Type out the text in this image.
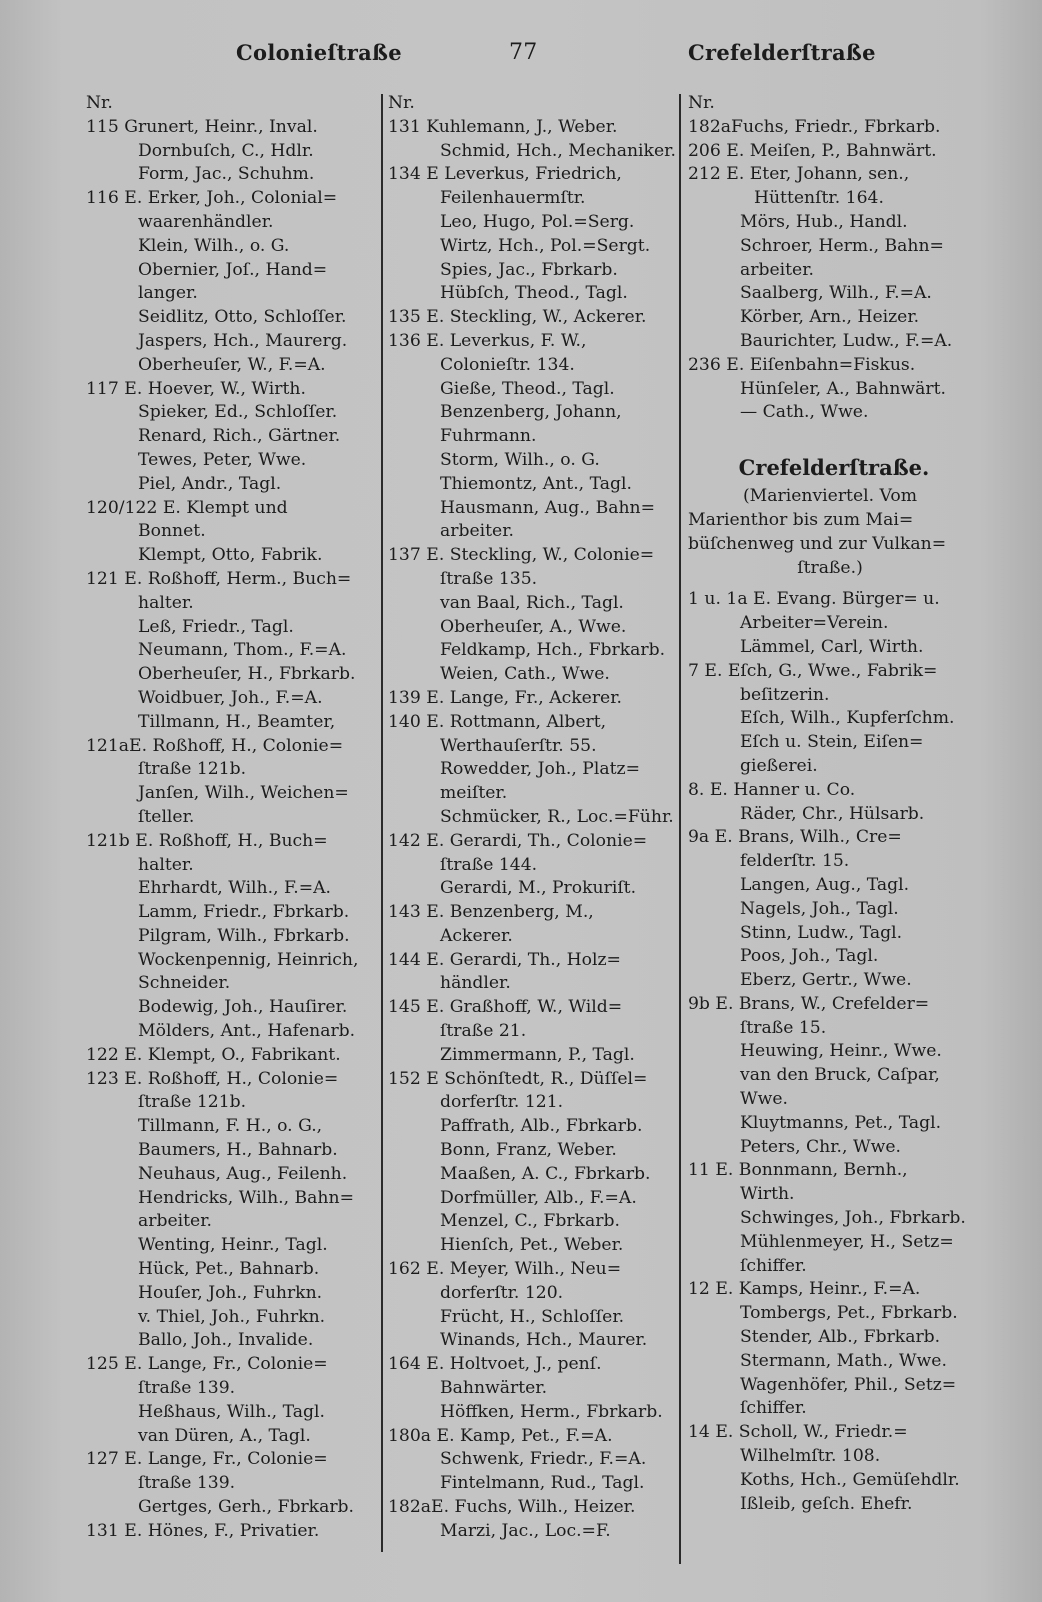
Colonieſtraße	77	Crefelderſtraße
Nr.
115 Grunert, Heinr., Inval.
Dornbuſch, C., Hdlr.
Form, Jac., Schuhm.
116 E. Erker, Joh., Colonial=
waarenhändler.
Klein, Wilh., o. G.
Obernier, Joſ., Hand=
langer.
Seidlitz, Otto, Schloſſer.
Jaspers, Hch., Maurerg.
Oberheuſer, W., F.=A.
117 E. Hoever, W., Wirth.
Spieker, Ed., Schloſſer.
Renard, Rich., Gärtner.
Tewes, Peter, Wwe.
Piel, Andr., Tagl.
120/122 E. Klempt und
Bonnet.
Klempt, Otto, Fabrik.
121 E. Roßhoff, Herm., Buch=
halter.
Leß, Friedr., Tagl.
Neumann, Thom., F.=A.
Oberheuſer, H., Fbrkarb.
Woidbuer, Joh., F.=A.
Tillmann, H., Beamter,
121aE. Roßhoff, H., Colonie=
ſtraße 121b.
Janſen, Wilh., Weichen=
ſteller.
121b E. Roßhoff, H., Buch=
halter.
Ehrhardt, Wilh., F.=A.
Lamm, Friedr., Fbrkarb.
Pilgram, Wilh., Fbrkarb.
Wockenpennig, Heinrich,
Schneider.
Bodewig, Joh., Hauſirer.
Mölders, Ant., Hafenarb.
122 E. Klempt, O., Fabrikant.
123 E. Roßhoff, H., Colonie=
ſtraße 121b.
Tillmann, F. H., o. G.,
Baumers, H., Bahnarb.
Neuhaus, Aug., Feilenh.
Hendricks, Wilh., Bahn=
arbeiter.
Wenting, Heinr., Tagl.
Hück, Pet., Bahnarb.
Houſer, Joh., Fuhrkn.
v. Thiel, Joh., Fuhrkn.
Ballo, Joh., Invalide.
125 E. Lange, Fr., Colonie=
ſtraße 139.
Heßhaus, Wilh., Tagl.
van Düren, A., Tagl.
127 E. Lange, Fr., Colonie=
ſtraße 139.
Gertges, Gerh., Fbrkarb.
131 E. Hönes, F., Privatier.
Nr.
131 Kuhlemann, J., Weber.
Schmid, Hch., Mechaniker.
134 E Leverkus, Friedrich,
Feilenhauermſtr.
Leo, Hugo, Pol.=Serg.
Wirtz, Hch., Pol.=Sergt.
Spies, Jac., Fbrkarb.
Hübſch, Theod., Tagl.
135 E. Steckling, W., Ackerer.
136 E. Leverkus, F. W.,
Colonieſtr. 134.
Gieße, Theod., Tagl.
Benzenberg, Johann,
Fuhrmann.
Storm, Wilh., o. G.
Thiemontz, Ant., Tagl.
Hausmann, Aug., Bahn=
arbeiter.
137 E. Steckling, W., Colonie=
ſtraße 135.
van Baal, Rich., Tagl.
Oberheuſer, A., Wwe.
Feldkamp, Hch., Fbrkarb.
Weien, Cath., Wwe.
139 E. Lange, Fr., Ackerer.
140 E. Rottmann, Albert,
Werthauſerſtr. 55.
Rowedder, Joh., Platz=
meiſter.
Schmücker, R., Loc.=Führ.
142 E. Gerardi, Th., Colonie=
ſtraße 144.
Gerardi, M., Prokuriſt.
143 E. Benzenberg, M.,
Ackerer.
144 E. Gerardi, Th., Holz=
händler.
145 E. Graßhoff, W., Wild=
ſtraße 21.
Zimmermann, P., Tagl.
152 E Schönſtedt, R., Düſſel=
dorferſtr. 121.
Paffrath, Alb., Fbrkarb.
Bonn, Franz, Weber.
Maaßen, A. C., Fbrkarb.
Dorfmüller, Alb., F.=A.
Menzel, C., Fbrkarb.
Hienſch, Pet., Weber.
162 E. Meyer, Wilh., Neu=
dorferſtr. 120.
Frücht, H., Schloſſer.
Winands, Hch., Maurer.
164 E. Holtvoet, J., penſ.
Bahnwärter.
Höffken, Herm., Fbrkarb.
180a E. Kamp, Pet., F.=A.
Schwenk, Friedr., F.=A.
Fintelmann, Rud., Tagl.
182aE. Fuchs, Wilh., Heizer.
Marzi, Jac., Loc.=F.
Nr.
182aFuchs, Friedr., Fbrkarb.
206 E. Meiſen, P., Bahnwärt.
212 E. Eter, Johann, sen.,
Hüttenſtr. 164.
Mörs, Hub., Handl.
Schroer, Herm., Bahn=
arbeiter.
Saalberg, Wilh., F.=A.
Körber, Arn., Heizer.
Baurichter, Ludw., F.=A.
236 E. Eiſenbahn=Fiskus.
Hünſeler, A., Bahnwärt.
— Cath., Wwe.
Crefelderſtraße.
(Marienviertel. Vom
Marienthor bis zum Mai=
büſchenweg und zur Vulkan=
ſtraße.)
1 u. 1a E. Evang. Bürger= u.
Arbeiter=Verein.
Lämmel, Carl, Wirth.
7 E. Eſch, G., Wwe., Fabrik=
beſitzerin.
Eſch, Wilh., Kupferſchm.
Eſch u. Stein, Eiſen=
gießerei.
8. E. Hanner u. Co.
Räder, Chr., Hülsarb.
9a E. Brans, Wilh., Cre=
felderſtr. 15.
Langen, Aug., Tagl.
Nagels, Joh., Tagl.
Stinn, Ludw., Tagl.
Poos, Joh., Tagl.
Eberz, Gertr., Wwe.
9b E. Brans, W., Crefelder=
ſtraße 15.
Heuwing, Heinr., Wwe.
van den Bruck, Caſpar,
Wwe.
Kluytmanns, Pet., Tagl.
Peters, Chr., Wwe.
11 E. Bonnmann, Bernh.,
Wirth.
Schwinges, Joh., Fbrkarb.
Mühlenmeyer, H., Setz=
ſchiffer.
12 E. Kamps, Heinr., F.=A.
Tombergs, Pet., Fbrkarb.
Stender, Alb., Fbrkarb.
Stermann, Math., Wwe.
Wagenhöfer, Phil., Setz=
ſchiffer.
14 E. Scholl, W., Friedr.=
Wilhelmſtr. 108.
Koths, Hch., Gemüſehdlr.
Ißleib, geſch. Ehefr.
